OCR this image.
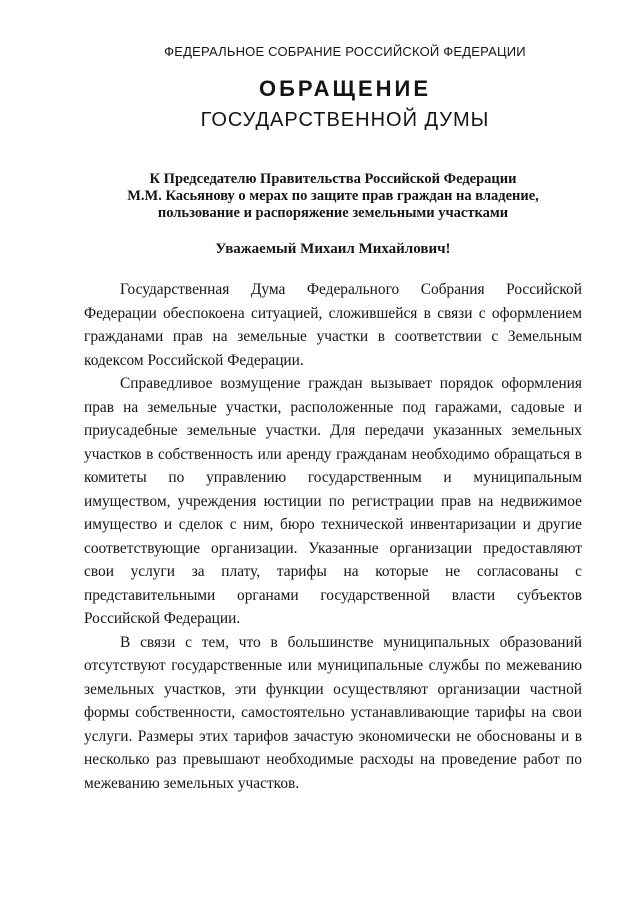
ФЕДЕРАЛЬНОЕ СОБРАНИЕ РОССИЙСКОЙ ФЕДЕРАЦИИ
ОБРАЩЕНИЕ
ГОСУДАРСТВЕННОЙ ДУМЫ
К Председателю Правительства Российской Федерации
М.М. Касьянову о мерах по защите прав граждан на владение,
пользование и распоряжение земельными участками
Уважаемый Михаил Михайлович!

Государственная Дума Федерального Собрания Российской Федерации обеспокоена ситуацией, сложившейся в связи с оформлением гражданами прав на земельные участки в соответствии с Земельным кодексом Российской Федерации.

Справедливое возмущение граждан вызывает порядок оформления прав на земельные участки, расположенные под гаражами, садовые и приусадебные земельные участки. Для передачи указанных земельных участков в собственность или аренду гражданам необходимо обращаться в комитеты по управлению государственным и муниципальным имуществом, учреждения юстиции по регистрации прав на недвижимое имущество и сделок с ним, бюро технической инвентаризации и другие соответствующие организации. Указанные организации предоставляют свои услуги за плату, тарифы на которые не согласованы с представительными органами государственной власти субъектов Российской Федерации.

В связи с тем, что в большинстве муниципальных образований отсутствуют государственные или муниципальные службы по межеванию земельных участков, эти функции осуществляют организации частной формы собственности, самостоятельно устанавливающие тарифы на свои услуги. Размеры этих тарифов зачастую экономически не обоснованы и в несколько раз превышают необходимые расходы на проведение работ по межеванию земельных участков.
